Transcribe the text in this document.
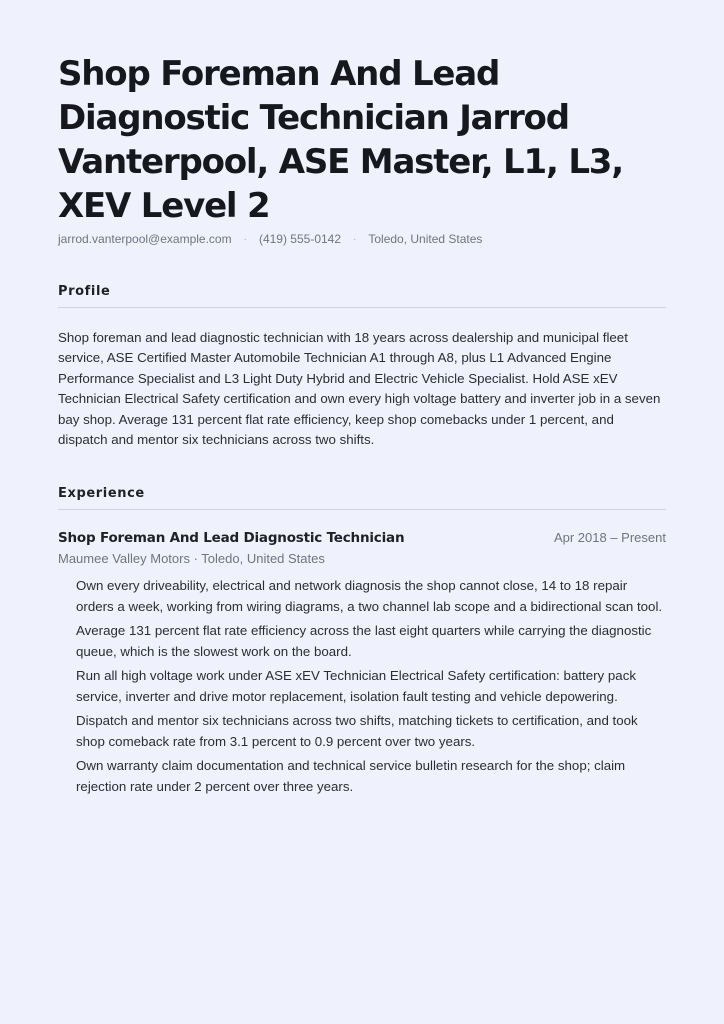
Shop Foreman And Lead Diagnostic Technician Jarrod Vanterpool, ASE Master, L1, L3, XEV Level 2
jarrod.vanterpool@example.com · (419) 555-0142 · Toledo, United States
Profile

Shop foreman and lead diagnostic technician with 18 years across dealership and municipal fleet service, ASE Certified Master Automobile Technician A1 through A8, plus L1 Advanced Engine Performance Specialist and L3 Light Duty Hybrid and Electric Vehicle Specialist. Hold ASE xEV Technician Electrical Safety certification and own every high voltage battery and inverter job in a seven bay shop. Average 131 percent flat rate efficiency, keep shop comebacks under 1 percent, and dispatch and mentor six technicians across two shifts.

Experience
Shop Foreman And Lead Diagnostic Technician	Apr 2018 – Present
Maumee Valley Motors · Toledo, United States
Own every driveability, electrical and network diagnosis the shop cannot close, 14 to 18 repair orders a week, working from wiring diagrams, a two channel lab scope and a bidirectional scan tool.
Average 131 percent flat rate efficiency across the last eight quarters while carrying the diagnostic queue, which is the slowest work on the board.
Run all high voltage work under ASE xEV Technician Electrical Safety certification: battery pack service, inverter and drive motor replacement, isolation fault testing and vehicle depowering.
Dispatch and mentor six technicians across two shifts, matching tickets to certification, and took shop comeback rate from 3.1 percent to 0.9 percent over two years.
Own warranty claim documentation and technical service bulletin research for the shop; claim rejection rate under 2 percent over three years.
